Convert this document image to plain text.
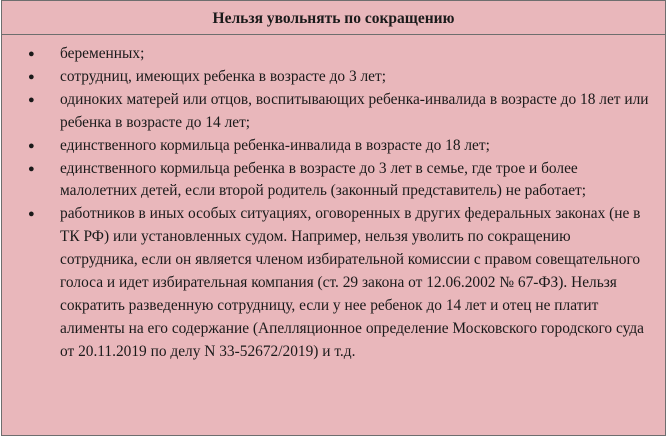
Нельзя увольнять по сокращению
● беременных;
● сотрудниц, имеющих ребенка в возрасте до 3 лет;
● одиноких матерей или отцов, воспитывающих ребенка-инвалида в возрасте до 18 лет или ребенка в возрасте до 14 лет;
● единственного кормильца ребенка-инвалида в возрасте до 18 лет;
● единственного кормильца ребенка в возрасте до 3 лет в семье, где трое и более малолетних детей, если второй родитель (законный представитель) не работает;
● работников в иных особых ситуациях, оговоренных в других федеральных законах (не в ТК РФ) или установленных судом. Например, нельзя уволить по сокращению сотрудника, если он является членом избирательной комиссии с правом совещательного голоса и идет избирательная компания (ст. 29 закона от 12.06.2002 № 67-ФЗ). Нельзя сократить разведенную сотрудницу, если у нее ребенок до 14 лет и отец не платит алименты на его содержание (Апелляционное определение Московского городского суда от 20.11.2019 по делу N 33-52672/2019) и т.д.
